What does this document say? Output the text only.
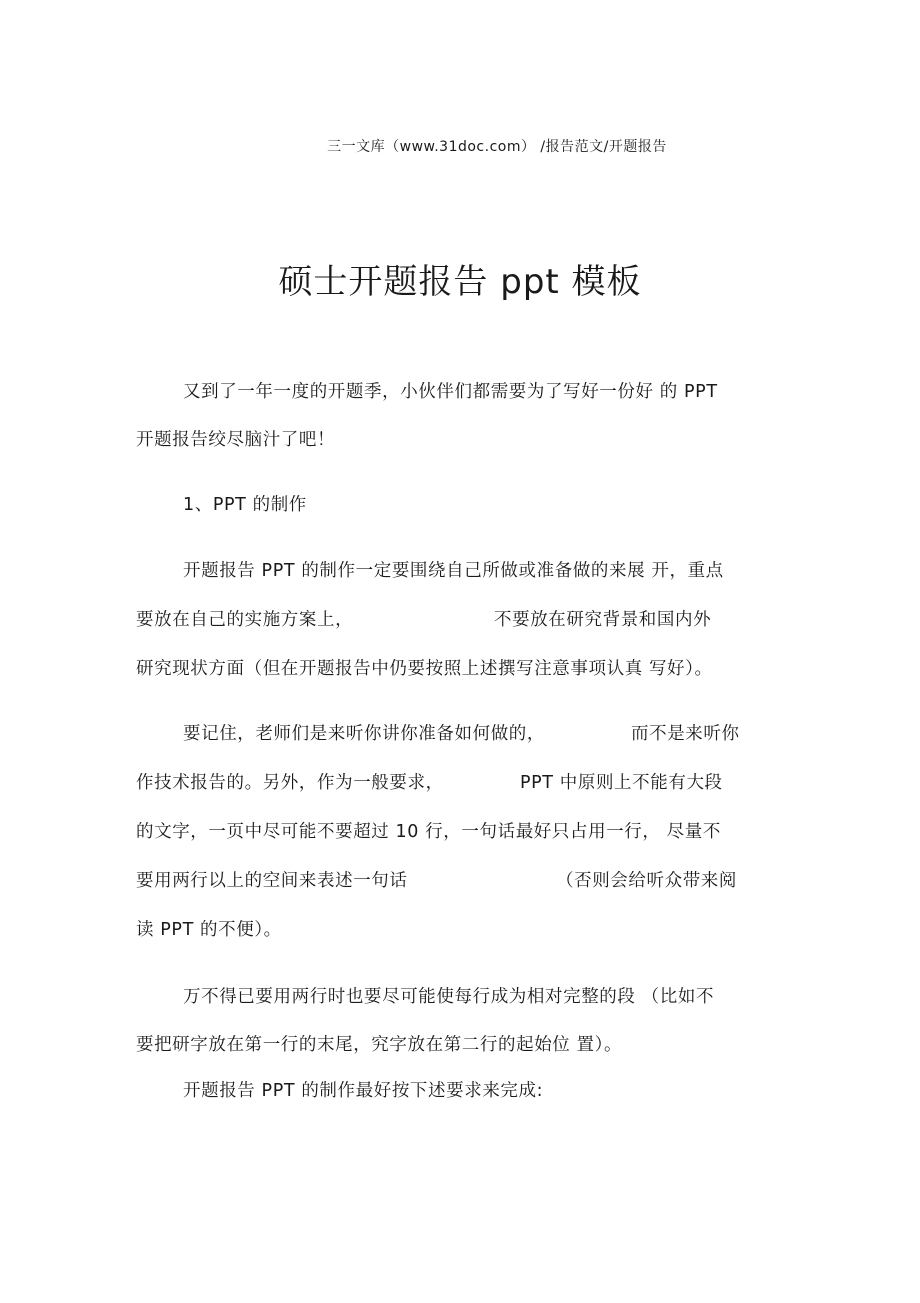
三一文库（www.31doc.com） /报告范文/开题报告
硕士开题报告 ppt 模板
又到了一年一度的开题季，小伙伴们都需要为了写好一份好 的 PPT
开题报告绞尽脑汁了吧！
1、PPT 的制作
开题报告 PPT 的制作一定要围绕自己所做或准备做的来展 开，重点
要放在自己的实施方案上，	不要放在研究背景和国内外
研究现状方面（但在开题报告中仍要按照上述撰写注意事项认真 写好）。
要记住，老师们是来听你讲你准备如何做的，	而不是来听你
作技术报告的。另外，作为一般要求，	PPT 中原则上不能有大段
的文字，一页中尽可能不要超过 10 行，一句话最好只占用一行， 尽量不
要用两行以上的空间来表述一句话	（否则会给听众带来阅
读 PPT 的不便）。
万不得已要用两行时也要尽可能使每行成为相对完整的段 （比如不
要把研字放在第一行的末尾，究字放在第二行的起始位 置）。
开题报告 PPT 的制作最好按下述要求来完成:
